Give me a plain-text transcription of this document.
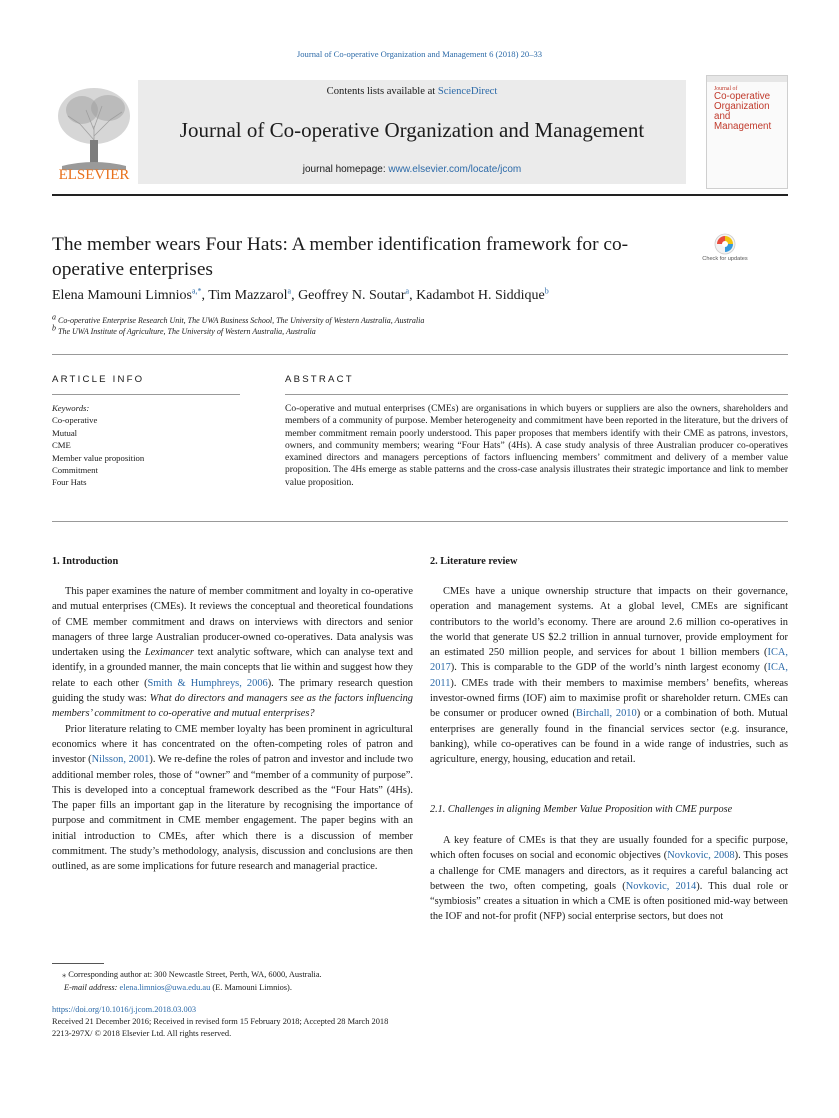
Journal of Co-operative Organization and Management 6 (2018) 20–33
ELSEVIER
Contents lists available at ScienceDirect
Journal of Co-operative Organization and Management
journal homepage: www.elsevier.com/locate/jcom
Journal of
Co-operative Organization and Management
The member wears Four Hats: A member identification framework for co-operative enterprises	Check for updates
Elena Mamouni Limnios$^{a,*}$, Tim Mazzarol$^a$, Geoffrey N. Soutar$^a$, Kadambot H. Siddique$^b$
$^a$ Co-operative Enterprise Research Unit, The UWA Business School, The University of Western Australia, Australia
$^b$ The UWA Institute of Agriculture, The University of Western Australia, Australia
ARTICLE INFO	ABSTRACT
Keywords:
Co-operative
Mutual
CME
Member value proposition
Commitment
Four Hats
Co-operative and mutual enterprises (CMEs) are organisations in which buyers or suppliers are also the owners, shareholders and members of a community of purpose. Member heterogeneity and commitment have been reported in the literature, but the drivers of member commitment remain poorly understood. This paper proposes that members identify with their CME as patrons, investors, owners, and community members; wearing “Four Hats” (4Hs). A case study analysis of three Australian producer co-operatives examined directors and managers perceptions of factors influencing members’ commitment and delivery of a member value proposition. The 4Hs emerge as stable patterns and the cross-case analysis illustrates their strategic importance and link to member value proposition.
1. Introduction	2. Literature review

This paper examines the nature of member commitment and loyalty in co-operative and mutual enterprises (CMEs). It reviews the conceptual and theoretical foundations of CME member commitment and draws on interviews with directors and senior managers of three large Australian producer-owned co-operatives. Data analysis was undertaken using the Leximancer text analytic software, which can analyse text and identify, in a grounded manner, the main concepts that lie within and suggest how they relate to each other (Smith & Humphreys, 2006). The primary research question guiding the study was: What do directors and managers see as the factors influencing members’ commitment to co-operative and mutual enterprises?

Prior literature relating to CME member loyalty has been prominent in agricultural economics where it has concentrated on the often-competing roles of patron and investor (Nilsson, 2001). We re-define the roles of patron and investor and include two additional member roles, those of “owner” and “member of a community of purpose”. This is developed into a conceptual framework described as the “Four Hats” (4Hs). The paper fills an important gap in the literature by recognising the importance of purpose and commitment in CME member engagement. The paper begins with an initial introduction to CMEs, after which there is a discussion of member commitment. The study’s methodology, analysis, discussion and conclusions are then outlined, as are some implications for future research and managerial practice.

CMEs have a unique ownership structure that impacts on their governance, operation and management systems. At a global level, CMEs are significant contributors to the world’s economy. There are around 2.6 million co-operatives in the world that generate US $2.2 trillion in annual turnover, provide employment for an estimated 250 million people, and services for about 1 billion members (ICA, 2017). This is comparable to the GDP of the world’s ninth largest economy (ICA, 2011). CMEs trade with their members to maximise members’ benefits, whereas investor-owned firms (IOF) aim to maximise profit or shareholder return. CMEs can be consumer or producer owned (Birchall, 2010) or a combination of both. Mutual enterprises are generally found in the financial services sector (e.g. insurance, banking), while co-operatives can be found in a wide range of industries, such as agriculture, energy, housing, education and retail.

2.1. Challenges in aligning Member Value Proposition with CME purpose

A key feature of CMEs is that they are usually founded for a specific purpose, which often focuses on social and economic objectives (Novkovic, 2008). This poses a challenge for CME managers and directors, as it requires a careful balancing act between the two, often competing, goals (Novkovic, 2014). This dual role or “symbiosis” creates a situation in which a CME is often positioned mid-way between the IOF and not-for profit (NFP) social enterprise sectors, but does not

⁎ Corresponding author at: 300 Newcastle Street, Perth, WA, 6000, Australia.
E-mail address: elena.limnios@uwa.edu.au (E. Mamouni Limnios).
https://doi.org/10.1016/j.jcom.2018.03.003
Received 21 December 2016; Received in revised form 15 February 2018; Accepted 28 March 2018
2213-297X/ © 2018 Elsevier Ltd. All rights reserved.
